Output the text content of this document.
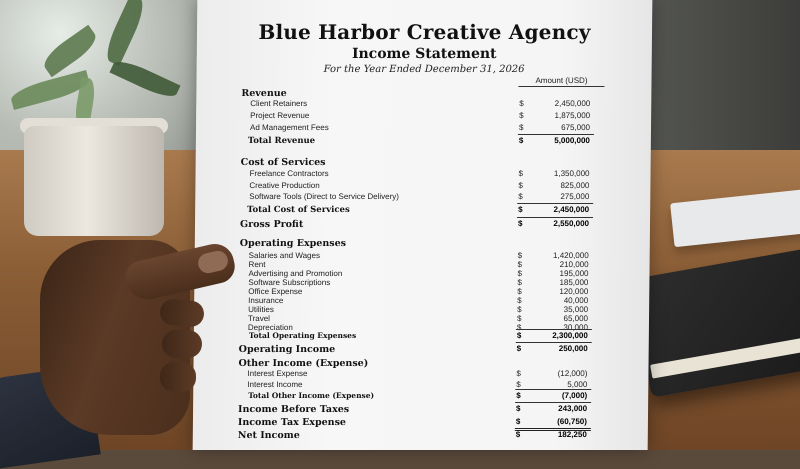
Blue Harbor Creative Agency
Income Statement
For the Year Ended December 31, 2026
Amount (USD)
Revenue
Client Retainers	$	2,450,000
Project Revenue	$	1,875,000
Ad Management Fees	$	675,000
Total Revenue	$	5,000,000
Cost of Services
Freelance Contractors	$	1,350,000
Creative Production	$	825,000
Software Tools (Direct to Service Delivery)	$	275,000
Total Cost of Services	$	2,450,000
Gross Profit	$	2,550,000
Operating Expenses
Salaries and Wages	$	1,420,000
Rent	$	210,000
Advertising and Promotion	$	195,000
Software Subscriptions	$	185,000
Office Expense	$	120,000
Insurance	$	40,000
Utilities	$	35,000
Travel	$	65,000
Depreciation	$	30,000
Total Operating Expenses	$	2,300,000
Operating Income	$	250,000
Other Income (Expense)
Interest Expense	$	(12,000)
Interest Income	$	5,000
Total Other Income (Expense)	$	(7,000)
Income Before Taxes	$	243,000
Income Tax Expense	$	(60,750)
Net Income	$	182,250
